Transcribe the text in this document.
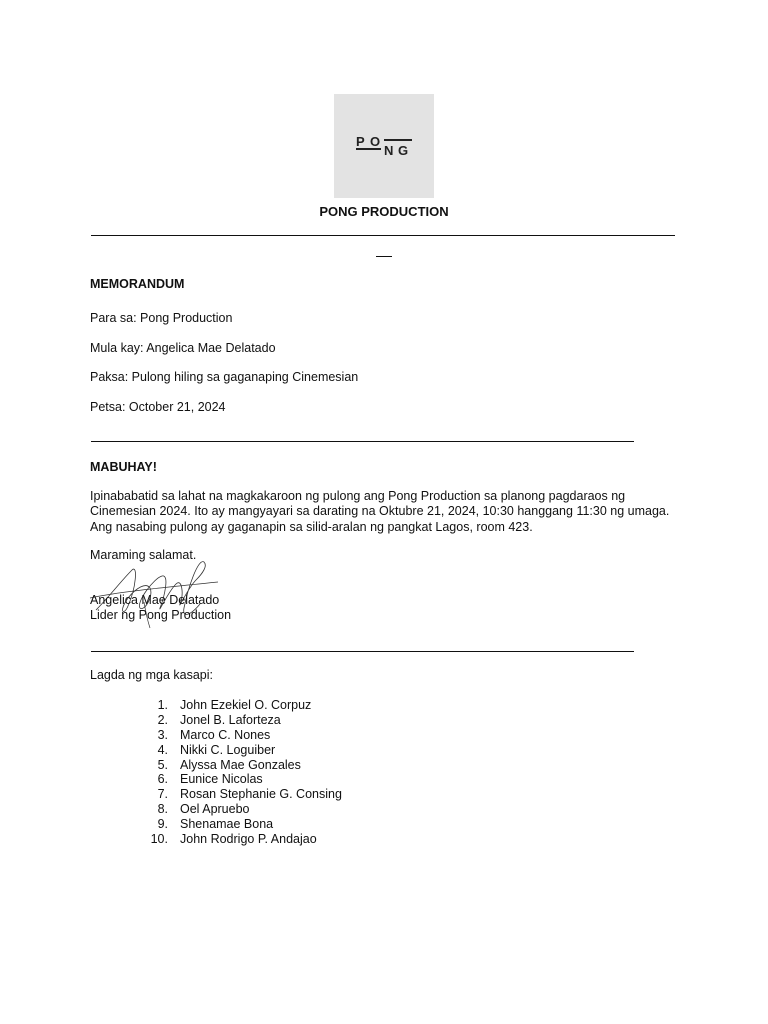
P O
N G
PONG PRODUCTION
MEMORANDUM
Para sa: Pong Production
Mula kay: Angelica Mae Delatado
Paksa: Pulong hiling sa gaganaping Cinemesian
Petsa: October 21, 2024
MABUHAY!
Ipinababatid sa lahat na magkakaroon ng pulong ang Pong Production sa planong pagdaraos ng
Cinemesian 2024. Ito ay mangyayari sa darating na Oktubre 21, 2024, 10:30 hanggang 11:30 ng umaga.
Ang nasabing pulong ay gaganapin sa silid-aralan ng pangkat Lagos, room 423.
Maraming salamat.
Angelica Mae Delatado
Lider ng Pong Production
Lagda ng mga kasapi:
1. John Ezekiel O. Corpuz
2. Jonel B. Laforteza
3. Marco C. Nones
4. Nikki C. Loguiber
5. Alyssa Mae Gonzales
6. Eunice Nicolas
7. Rosan Stephanie G. Consing
8. Oel Apruebo
9. Shenamae Bona
10. John Rodrigo P. Andajao
